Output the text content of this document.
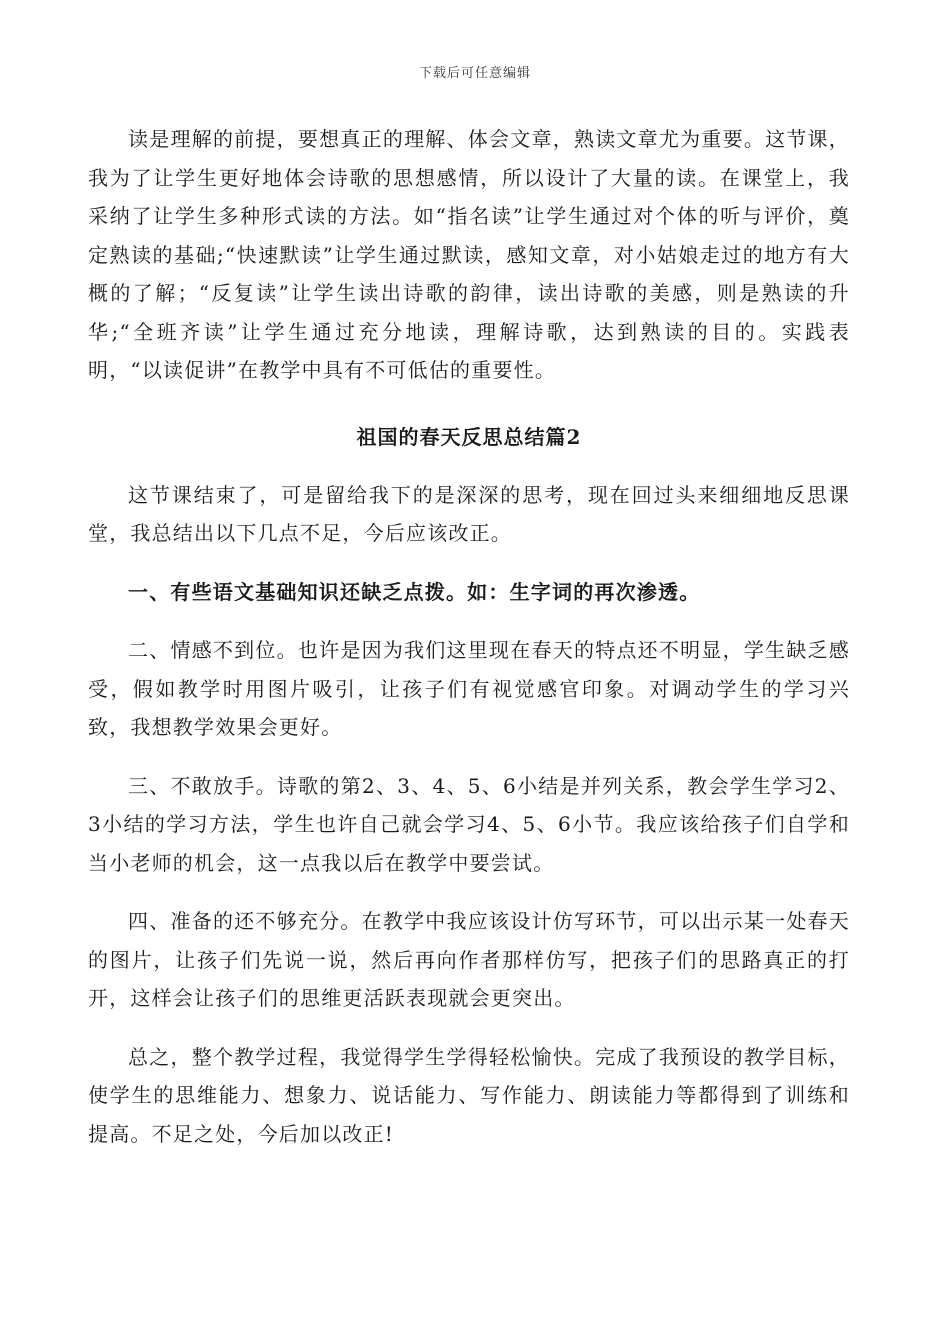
下载后可任意编辑

读是理解的前提，要想真正的理解、体会文章，熟读文章尤为重要。这节课，我为了让学生更好地体会诗歌的思想感情，所以设计了大量的读。在课堂上，我采纳了让学生多种形式读的方法。如“指名读”让学生通过对个体的听与评价，奠定熟读的基础;“快速默读”让学生通过默读，感知文章，对小姑娘走过的地方有大概的了解；“反复读”让学生读出诗歌的韵律，读出诗歌的美感，则是熟读的升华;“全班齐读”让学生通过充分地读，理解诗歌，达到熟读的目的。实践表明，“以读促讲”在教学中具有不可低估的重要性。

祖国的春天反思总结篇2

这节课结束了，可是留给我下的是深深的思考，现在回过头来细细地反思课堂，我总结出以下几点不足，今后应该改正。

一、有些语文基础知识还缺乏点拨。如：生字词的再次渗透。

二、情感不到位。也许是因为我们这里现在春天的特点还不明显，学生缺乏感受，假如教学时用图片吸引，让孩子们有视觉感官印象。对调动学生的学习兴致，我想教学效果会更好。

三、不敢放手。诗歌的第2、3、4、5、6小结是并列关系，教会学生学习2、3小结的学习方法，学生也许自己就会学习4、5、6小节。我应该给孩子们自学和当小老师的机会，这一点我以后在教学中要尝试。

四、准备的还不够充分。在教学中我应该设计仿写环节，可以出示某一处春天的图片，让孩子们先说一说，然后再向作者那样仿写，把孩子们的思路真正的打开，这样会让孩子们的思维更活跃表现就会更突出。

总之，整个教学过程，我觉得学生学得轻松愉快。完成了我预设的教学目标，使学生的思维能力、想象力、说话能力、写作能力、朗读能力等都得到了训练和提高。不足之处，今后加以改正!
